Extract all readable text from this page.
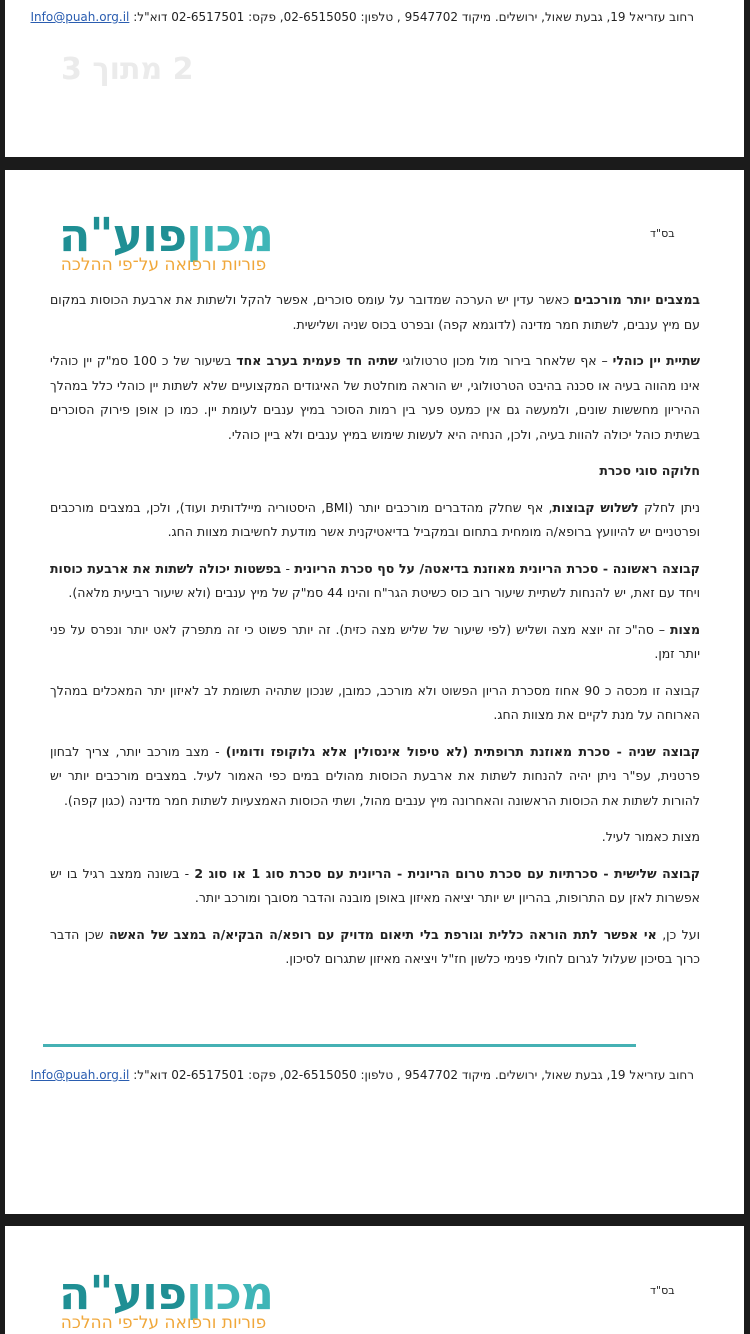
רחוב עזריאל 19, גבעת שאול, ירושלים. מיקוד 9547702 , טלפון: 02-6515050, פקס: 02-6517501 דוא"ל: Info@puah.org.il
2 מתוך 3
בס"ד
מכוןפוע"ה
פוריות ורפואה על־פי ההלכה

במצבים יותר מורכבים כאשר עדין יש הערכה שמדובר על עומס סוכרים, אפשר להקל ולשתות את ארבעת הכוסות במקום עם מיץ ענבים, לשתות חמר מדינה (לדוגמא קפה) ובפרט בכוס שניה ושלישית.

שתיית יין כוהלי – אף שלאחר בירור מול מכון טרטולוגי שתיה חד פעמית בערב אחד בשיעור של כ 100 סמ"ק יין כוהלי אינו מהווה בעיה או סכנה בהיבט הטרטולוגי, יש הוראה מוחלטת של האיגודים המקצועיים שלא לשתות יין כוהלי כלל במהלך ההיריון מחששות שונים, ולמעשה גם אין כמעט פער בין רמות הסוכר במיץ ענבים לעומת יין. כמו כן אופן פירוק הסוכרים בשתית כוהל יכולה להוות בעיה, ולכן, הנחיה היא לעשות שימוש במיץ ענבים ולא ביין כוהלי.

חלוקה סוגי סכרת

ניתן לחלק לשלוש קבוצות, אף שחלק מהדברים מורכבים יותר (BMI, היסטוריה מיילדותית ועוד), ולכן, במצבים מורכבים ופרטניים יש להיוועץ ברופא/ה מומחית בתחום ובמקביל בדיאטיקנית אשר מודעת לחשיבות מצוות החג.

קבוצה ראשונה - סכרת הריונית מאוזנת בדיאטה/ על סף סכרת הריונית - בפשטות יכולה לשתות את ארבעת כוסות ויחד עם זאת, יש להנחות לשתיית שיעור רוב כוס כשיטת הגר"ח והינו 44 סמ"ק של מיץ ענבים (ולא שיעור רביעית מלאה).

מצות – סה"כ זה יוצא מצה ושליש (לפי שיעור של שליש מצה כזית). זה יותר פשוט כי זה מתפרק לאט יותר ונפרס על פני יותר זמן.

קבוצה זו מכסה כ 90 אחוז מסכרת הריון הפשוט ולא מורכב, כמובן, שנכון שתהיה תשומת לב לאיזון יתר המאכלים במהלך הארוחה על מנת לקיים את מצוות החג.

קבוצה שניה - סכרת מאוזנת תרופתית (לא טיפול אינסולין אלא גלוקופז ודומיו) - מצב מורכב יותר, צריך לבחון פרטנית, עפ"ר ניתן יהיה להנחות לשתות את ארבעת הכוסות מהולים במים כפי האמור לעיל. במצבים מורכבים יותר יש להורות לשתות את הכוסות הראשונה והאחרונה מיץ ענבים מהול, ושתי הכוסות האמצעיות לשתות חמר מדינה (כגון קפה).

מצות כאמור לעיל.

קבוצה שלישית - סכרתיות עם סכרת טרום הריונית - הריונית עם סכרת סוג 1 או סוג 2 - בשונה ממצב רגיל בו יש אפשרות לאזן עם התרופות, בהריון יש יותר יציאה מאיזון באופן מובנה והדבר מסובך ומורכב יותר.

ועל כן, אי אפשר לתת הוראה כללית וגורפת בלי תיאום מדויק עם רופא/ה הבקיא/ה במצב של האשה שכן הדבר כרוך בסיכון שעלול לגרום לחולי פנימי כלשון חז"ל ויציאה מאיזון שתגרום לסיכון.

רחוב עזריאל 19, גבעת שאול, ירושלים. מיקוד 9547702 , טלפון: 02-6515050, פקס: 02-6517501 דוא"ל: Info@puah.org.il
בס"ד
מכוןפוע"ה
פוריות ורפואה על־פי ההלכה
